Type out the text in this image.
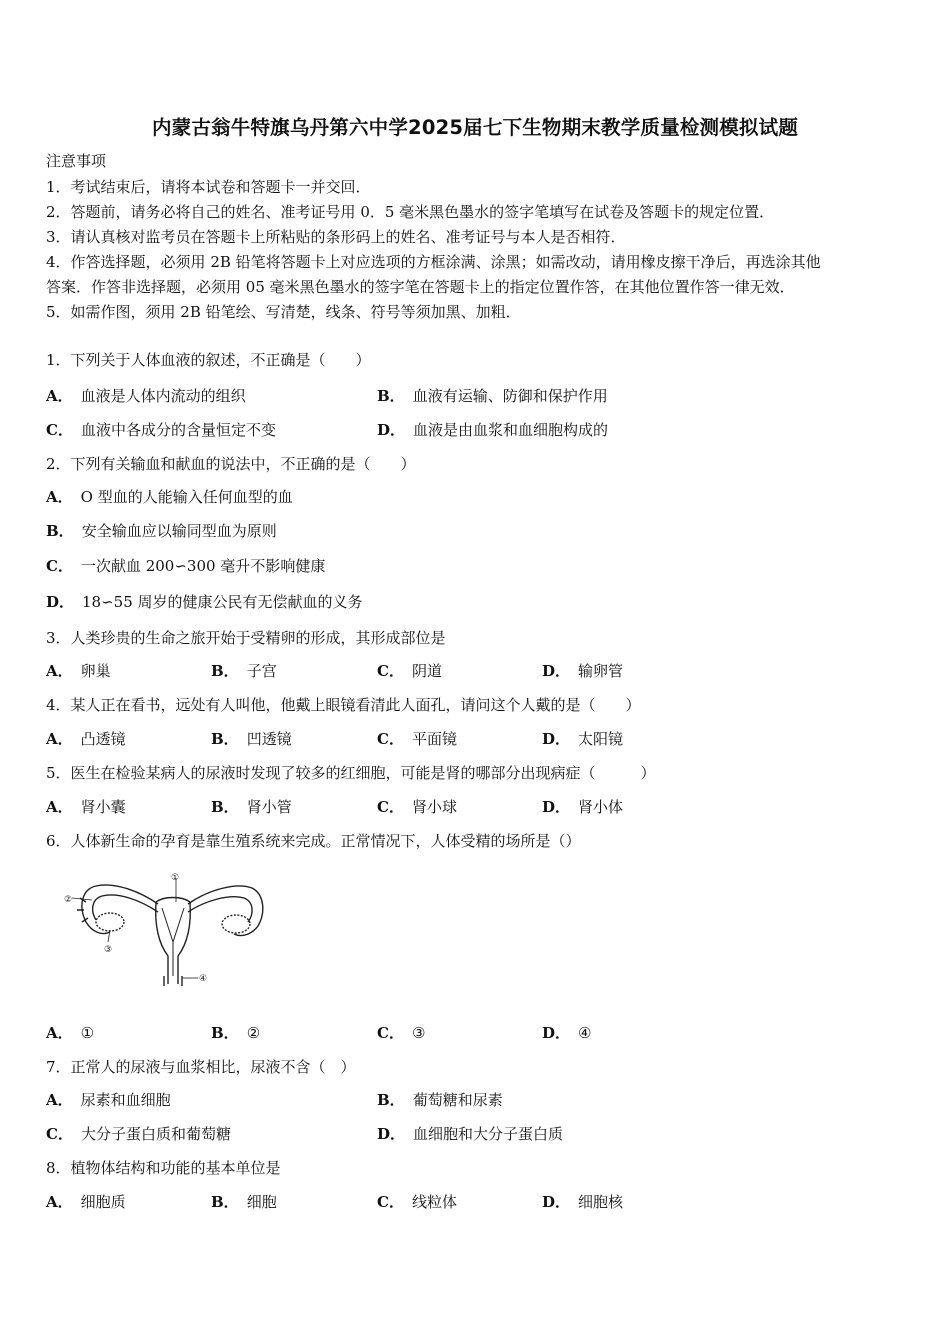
内蒙古翁牛特旗乌丹第六中学2025届七下生物期末教学质量检测模拟试题
注意事项
1．考试结束后，请将本试卷和答题卡一并交回．
2．答题前，请务必将自己的姓名、准考证号用 0．5 毫米黑色墨水的签字笔填写在试卷及答题卡的规定位置．
3．请认真核对监考员在答题卡上所粘贴的条形码上的姓名、准考证号与本人是否相符．
4．作答选择题，必须用 2B 铅笔将答题卡上对应选项的方框涂满、涂黑；如需改动，请用橡皮擦干净后，再选涂其他
答案．作答非选择题，必须用 05 毫米黑色墨水的签字笔在答题卡上的指定位置作答，在其他位置作答一律无效．
5．如需作图，须用 2B 铅笔绘、写清楚，线条、符号等须加黑、加粗．
1．下列关于人体血液的叙述，不正确是（　　）
A． 血液是人体内流动的组织	B． 血液有运输、防御和保护作用
C． 血液中各成分的含量恒定不变	D． 血液是由血浆和血细胞构成的
2．下列有关输血和献血的说法中，不正确的是（　　）
A． O 型血的人能输入任何血型的血
B． 安全输血应以输同型血为原则
C． 一次献血 200∽300 毫升不影响健康
D． 18∽55 周岁的健康公民有无偿献血的义务
3．人类珍贵的生命之旅开始于受精卵的形成，其形成部位是
A． 卵巢	B． 子宫	C． 阴道	D． 输卵管
4．某人正在看书，远处有人叫他，他戴上眼镜看清此人面孔，请问这个人戴的是（　　）
A． 凸透镜	B． 凹透镜	C． 平面镜	D． 太阳镜
5．医生在检验某病人的尿液时发现了较多的红细胞，可能是肾的哪部分出现病症（　　　）
A． 肾小囊	B． 肾小管	C． 肾小球	D． 肾小体
6．人体新生命的孕育是靠生殖系统来完成。正常情况下，人体受精的场所是（）
②
①
③
④
A． ①	B． ②	C． ③	D． ④
7．正常人的尿液与血浆相比，尿液不含（　）
A． 尿素和血细胞	B． 葡萄糖和尿素
C． 大分子蛋白质和葡萄糖	D． 血细胞和大分子蛋白质
8．植物体结构和功能的基本单位是
A． 细胞质	B． 细胞	C． 线粒体	D． 细胞核
